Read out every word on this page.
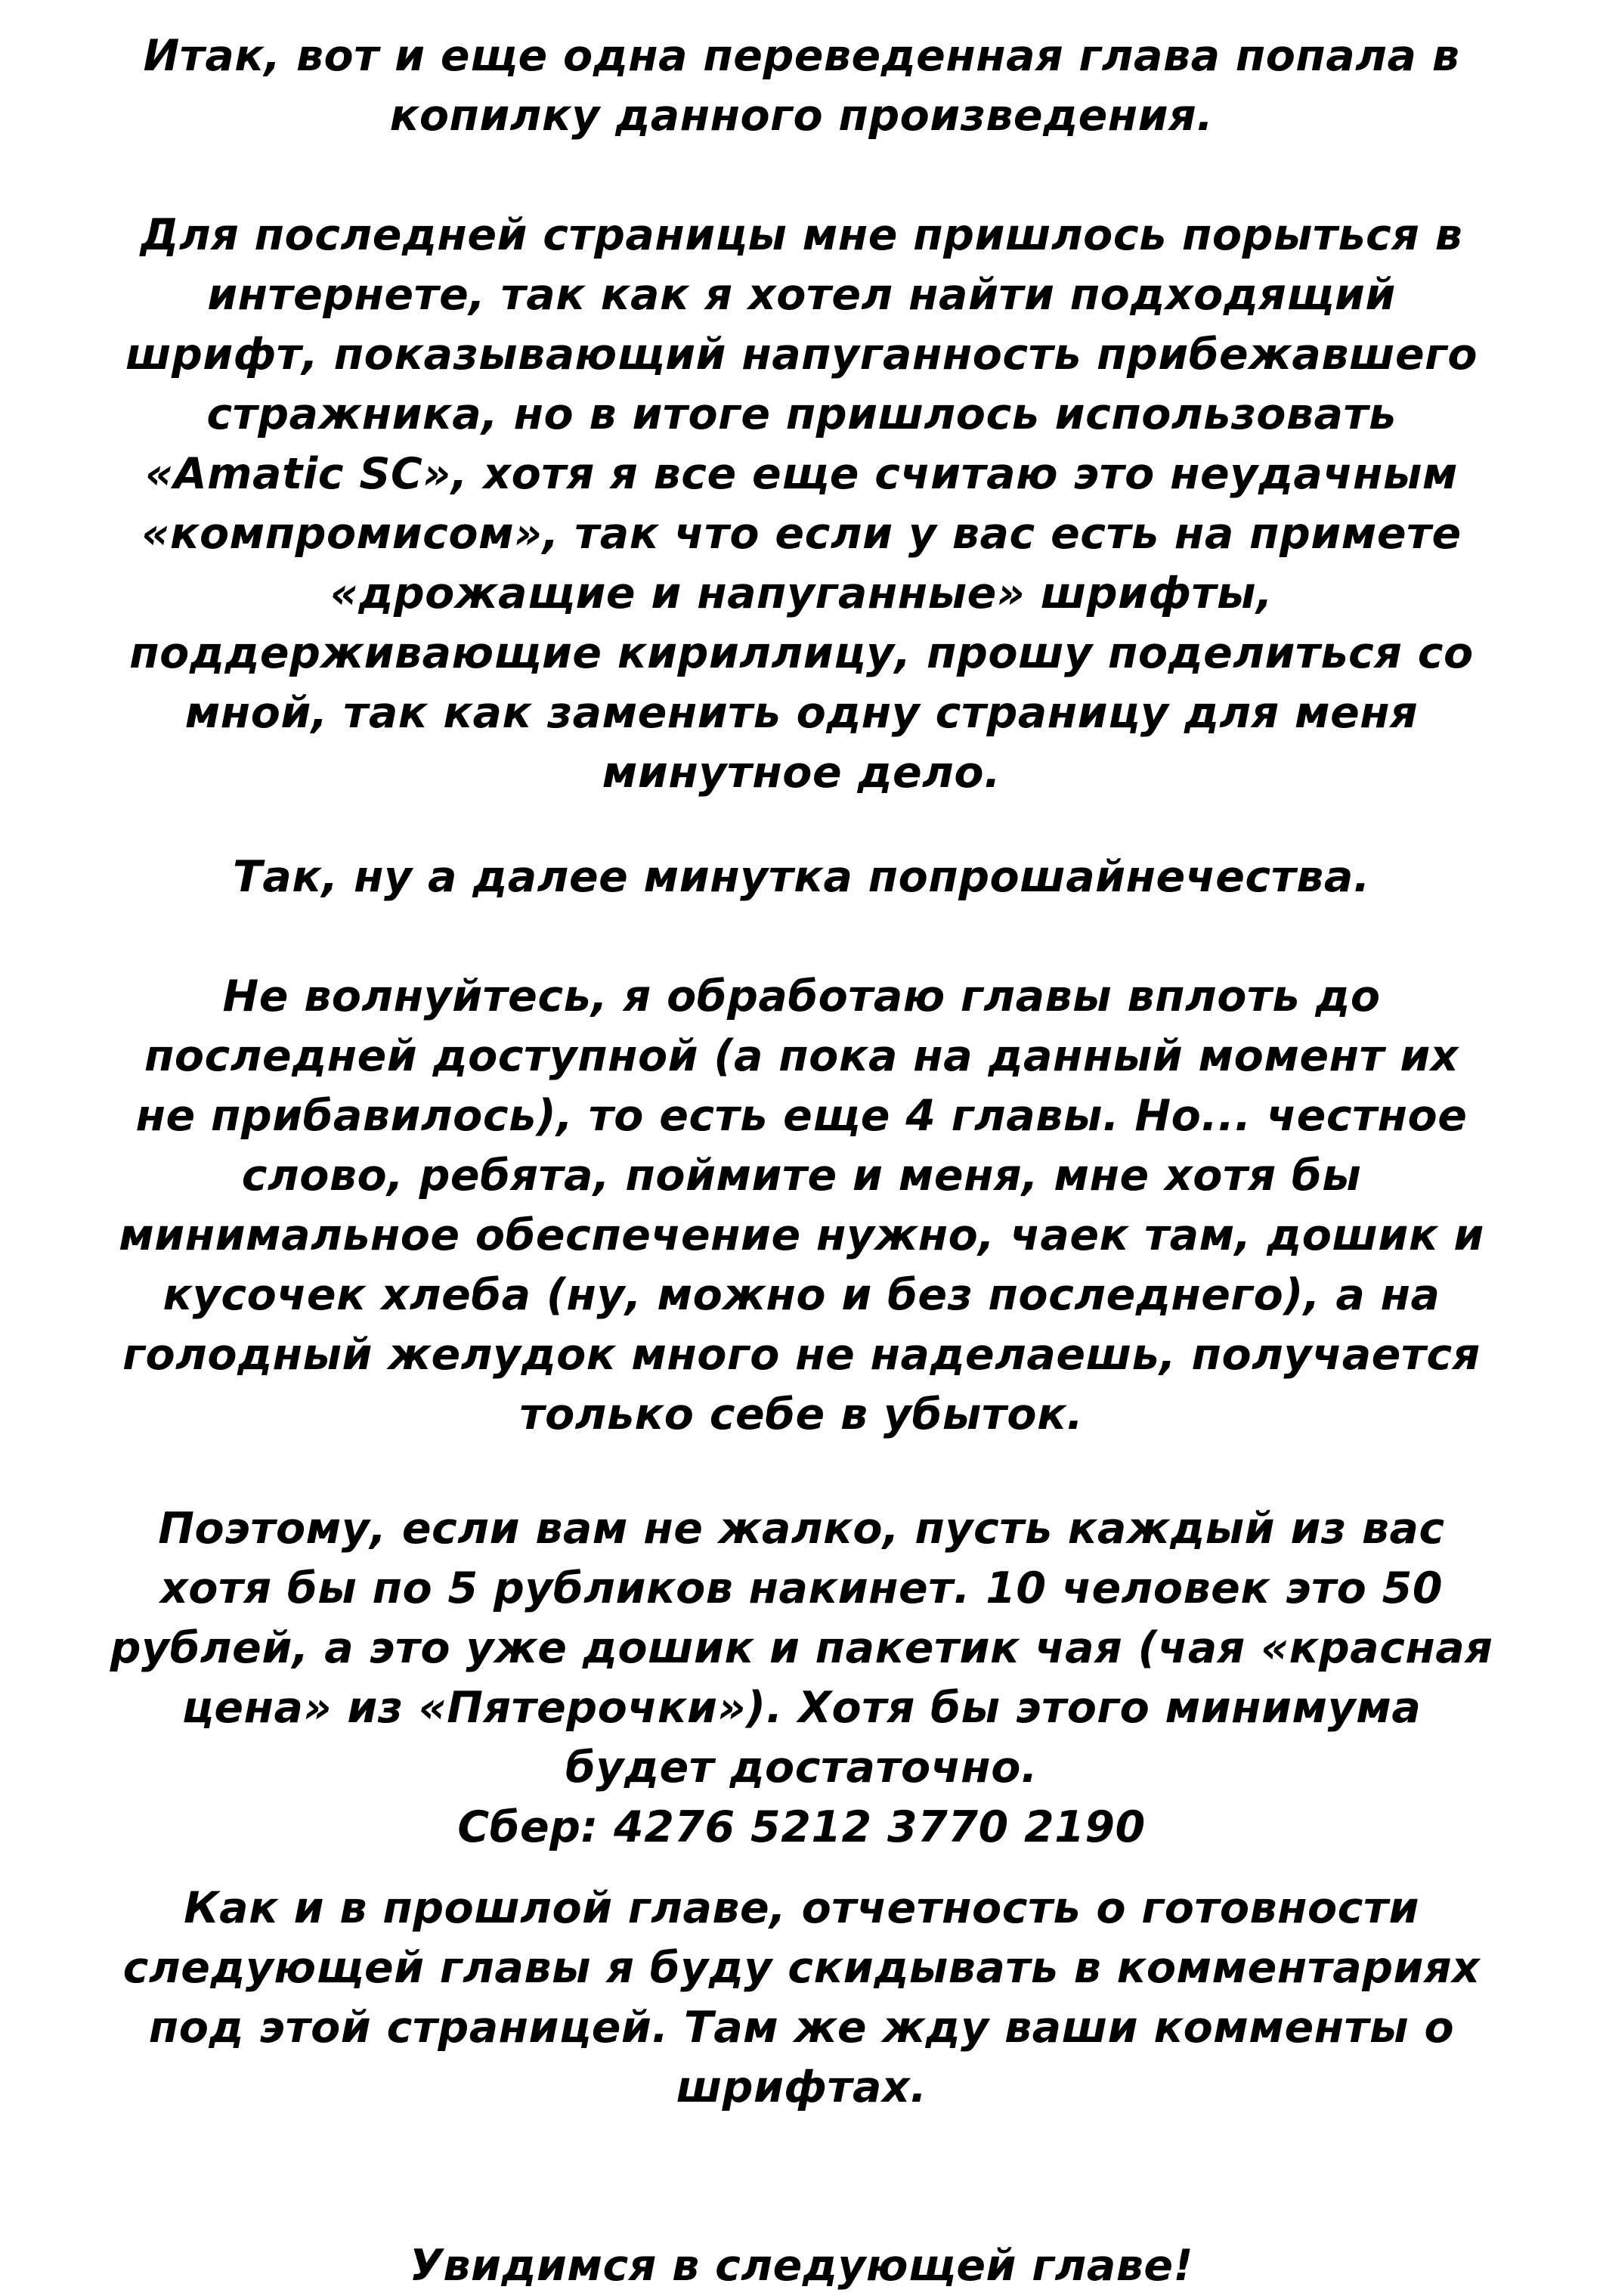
Итак, вот и еще одна переведенная глава попала в
копилку данного произведения.
Для последней страницы мне пришлось порыться в
интернете, так как я хотел найти подходящий
шрифт, показывающий напуганность прибежавшего
стражника, но в итоге пришлось использовать
«Amatic SC», хотя я все еще считаю это неудачным
«компромисом», так что если у вас есть на примете
«дрожащие и напуганные» шрифты,
поддерживающие кириллицу, прошу поделиться со
мной, так как заменить одну страницу для меня
минутное дело.
Так, ну а далее минутка попрошайнечества.
Не волнуйтесь, я обработаю главы вплоть до
последней доступной (а пока на данный момент их
не прибавилось), то есть еще 4 главы. Но... честное
слово, ребята, поймите и меня, мне хотя бы
минимальное обеспечение нужно, чаек там, дошик и
кусочек хлеба (ну, можно и без последнего), а на
голодный желудок много не наделаешь, получается
только себе в убыток.
Поэтому, если вам не жалко, пусть каждый из вас
хотя бы по 5 рубликов накинет. 10 человек это 50
рублей, а это уже дошик и пакетик чая (чая «красная
цена» из «Пятерочки»). Хотя бы этого минимума
будет достаточно.
Сбер: 4276 5212 3770 2190
Как и в прошлой главе, отчетность о готовности
следующей главы я буду скидывать в комментариях
под этой страницей. Там же жду ваши комменты о
шрифтах.
Увидимся в следующей главе!
